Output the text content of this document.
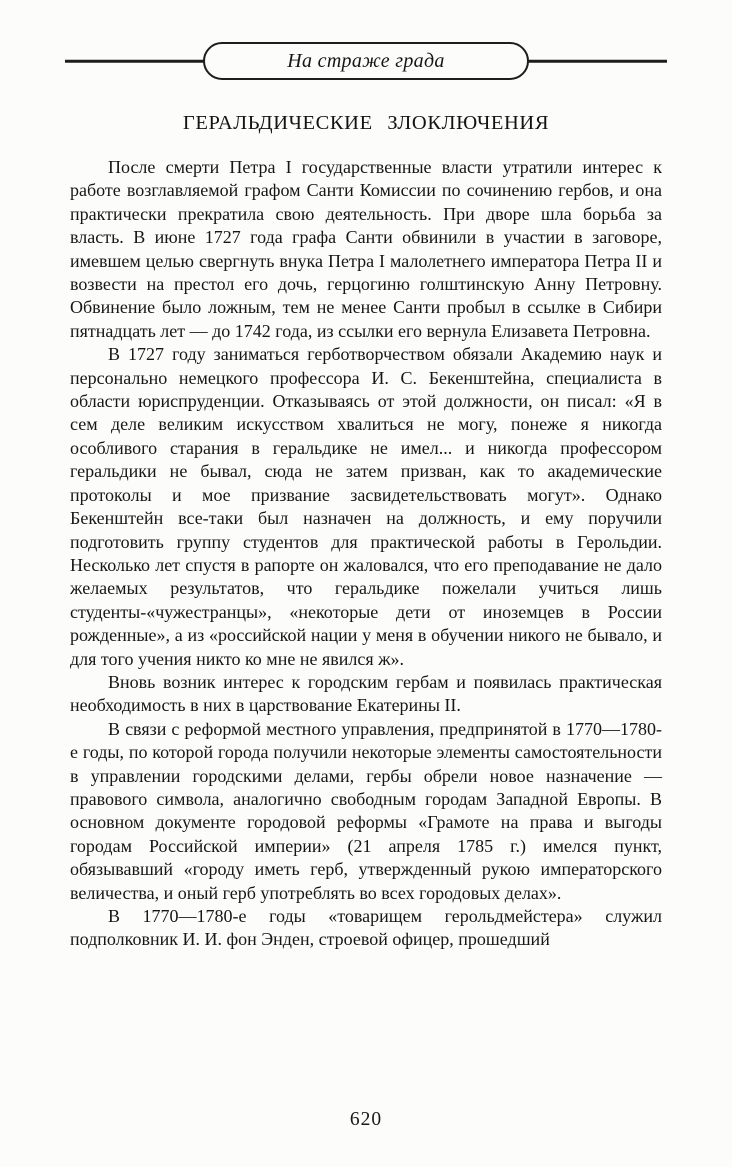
На страже града
ГЕРАЛЬДИЧЕСКИЕ ЗЛОКЛЮЧЕНИЯ

После смерти Петра I государственные власти утратили интерес к работе возглавляемой графом Санти Комиссии по сочинению гербов, и она практически прекратила свою деятельность. При дворе шла борьба за власть. В июне 1727 года графа Санти обвинили в участии в заговоре, имевшем целью свергнуть внука Петра I малолетнего императора Петра II и возвести на престол его дочь, герцогиню голштинскую Анну Петровну. Обвинение было ложным, тем не менее Санти пробыл в ссылке в Сибири пятнадцать лет — до 1742 года, из ссылки его вернула Елизавета Петровна.

В 1727 году заниматься герботворчеством обязали Академию наук и персонально немецкого профессора И. С. Бекенштейна, специалиста в области юриспруденции. Отказываясь от этой должности, он писал: «Я в сем деле великим искусством хвалиться не могу, понеже я никогда особливого старания в геральдике не имел... и никогда профессором геральдики не бывал, сюда не затем призван, как то академические протоколы и мое призвание засвидетельствовать могут». Однако Бекенштейн все-таки был назначен на должность, и ему поручили подготовить группу студентов для практической работы в Герольдии. Несколько лет спустя в рапорте он жаловался, что его преподавание не дало желаемых результатов, что геральдике пожелали учиться лишь студенты-«чужестранцы», «некоторые дети от иноземцев в России рожденные», а из «российской нации у меня в обучении никого не бывало, и для того учения никто ко мне не явился ж».

Вновь возник интерес к городским гербам и появилась практическая необходимость в них в царствование Екатерины II.

В связи с реформой местного управления, предпринятой в 1770—1780-е годы, по которой города получили некоторые элементы самостоятельности в управлении городскими делами, гербы обрели новое назначение — правового символа, аналогично свободным городам Западной Европы. В основном документе городовой реформы «Грамоте на права и выгоды городам Российской империи» (21 апреля 1785 г.) имелся пункт, обязывавший «городу иметь герб, утвержденный рукою императорского величества, и оный герб употреблять во всех городовых делах».

В 1770—1780-е годы «товарищем герольдмейстера» служил подполковник И. И. фон Энден, строевой офицер, прошедший

620
